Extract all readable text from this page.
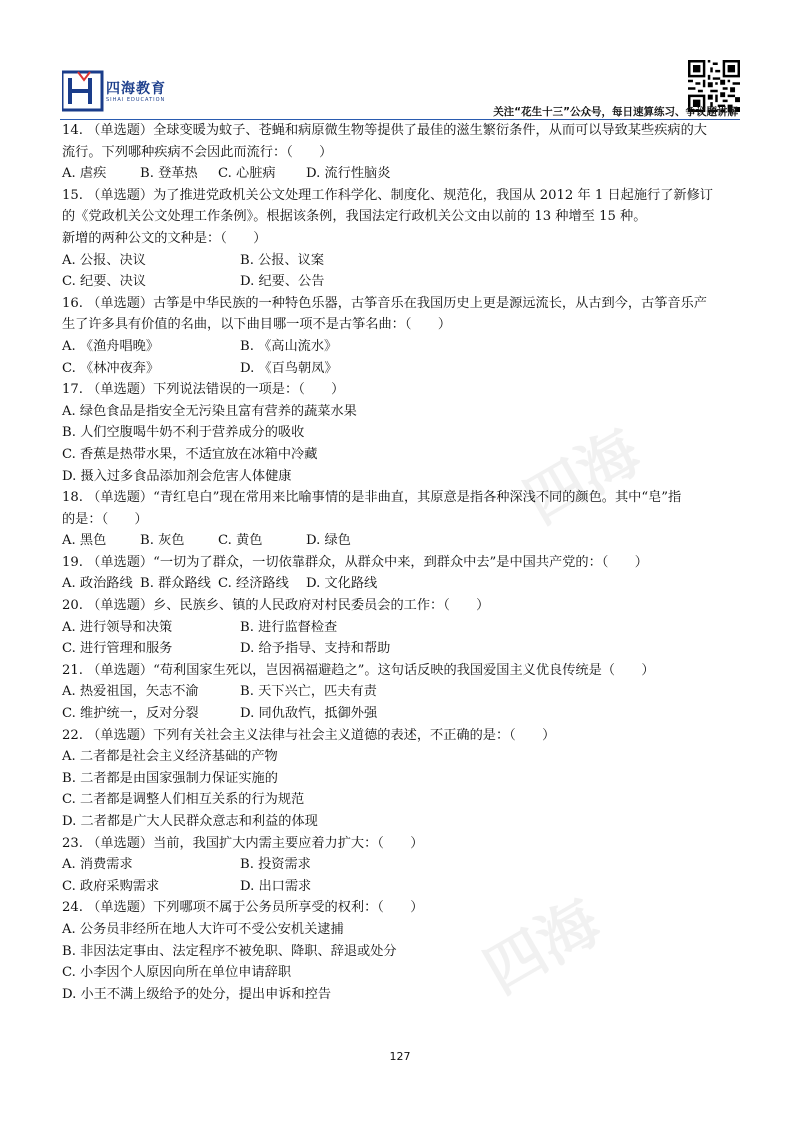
四海教育
SIHAI EDUCATION
关注“花生十三”公众号，每日速算练习、争议题讲解
四海
四海
14. （单选题）全球变暖为蚊子、苍蝇和病原微生物等提供了最佳的滋生繁衍条件，从而可以导致某些疾病的大
流行。下列哪种疾病不会因此而流行：（　　）
A. 虐疾	B. 登革热	C. 心脏病	D. 流行性脑炎
15. （单选题）为了推进党政机关公文处理工作科学化、制度化、规范化，我国从 2012 年 1 日起施行了新修订
的《党政机关公文处理工作条例》。根据该条例，我国法定行政机关公文由以前的 13 种增至 15 种。
新增的两种公文的文种是：（　　）
A. 公报、决议	B. 公报、议案
C. 纪要、决议	D. 纪要、公告
16. （单选题）古筝是中华民族的一种特色乐器，古筝音乐在我国历史上更是源远流长，从古到今，古筝音乐产
生了许多具有价值的名曲，以下曲目哪一项不是古筝名曲：（　　）
A. 《渔舟唱晚》	B. 《高山流水》
C. 《林冲夜奔》	D. 《百鸟朝凤》
17. （单选题）下列说法错误的一项是：（　　）
A. 绿色食品是指安全无污染且富有营养的蔬菜水果
B. 人们空腹喝牛奶不利于营养成分的吸收
C. 香蕉是热带水果，不适宜放在冰箱中冷藏
D. 摄入过多食品添加剂会危害人体健康
18. （单选题）“青红皂白”现在常用来比喻事情的是非曲直，其原意是指各种深浅不同的颜色。其中“皂”指
的是：（　　）
A. 黑色	B. 灰色	C. 黄色	D. 绿色
19. （单选题）“一切为了群众，一切依靠群众，从群众中来，到群众中去”是中国共产党的：（　　）
A. 政治路线 B. 群众路线 C. 经济路线	D. 文化路线
20. （单选题）乡、民族乡、镇的人民政府对村民委员会的工作：（　　）
A. 进行领导和决策	B. 进行监督检查
C. 进行管理和服务	D. 给予指导、支持和帮助
21. （单选题）“苟利国家生死以，岂因祸福避趋之”。这句话反映的我国爱国主义优良传统是（　　）
A. 热爱祖国，矢志不渝	B. 天下兴亡，匹夫有责
C. 维护统一，反对分裂	D. 同仇敌忾，抵御外强
22. （单选题）下列有关社会主义法律与社会主义道德的表述，不正确的是：（　　）
A. 二者都是社会主义经济基础的产物
B. 二者都是由国家强制力保证实施的
C. 二者都是调整人们相互关系的行为规范
D. 二者都是广大人民群众意志和利益的体现
23. （单选题）当前，我国扩大内需主要应着力扩大：（　　）
A. 消费需求	B. 投资需求
C. 政府采购需求	D. 出口需求
24. （单选题）下列哪项不属于公务员所享受的权利：（　　）
A. 公务员非经所在地人大许可不受公安机关逮捕
B. 非因法定事由、法定程序不被免职、降职、辞退或处分
C. 小李因个人原因向所在单位申请辞职
D. 小王不满上级给予的处分，提出申诉和控告
127
